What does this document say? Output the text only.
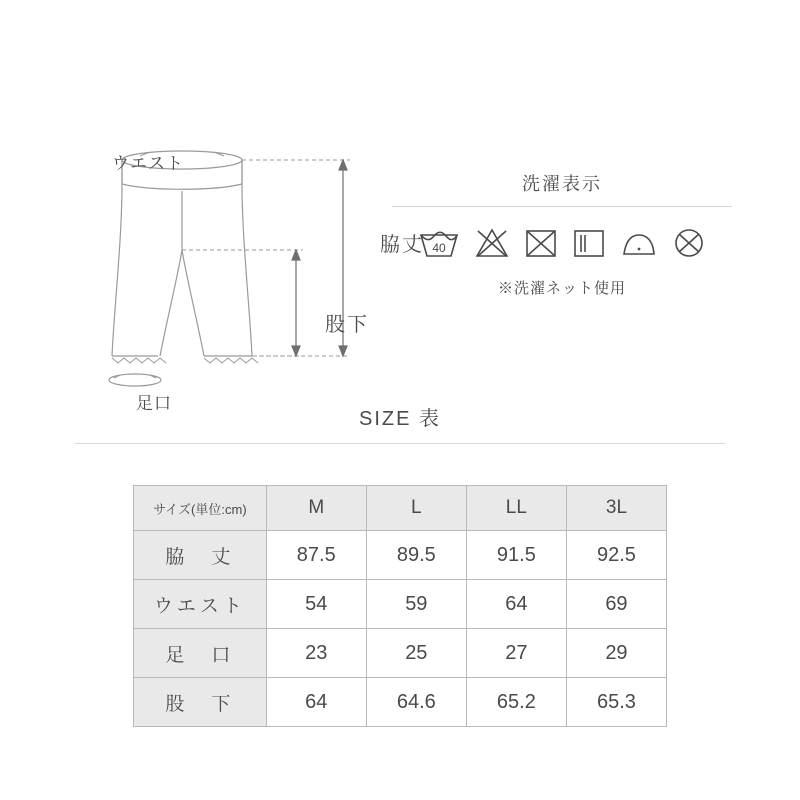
ウエスト
足口
脇丈
股下
洗濯表示
40
※洗濯ネット使用
SIZE 表
サイズ(単位:cm)	M	L	LL	3L
脇　丈	87.5	89.5	91.5	92.5
ウエスト	54	59	64	69
足　口	23	25	27	29
股　下	64	64.6	65.2	65.3
